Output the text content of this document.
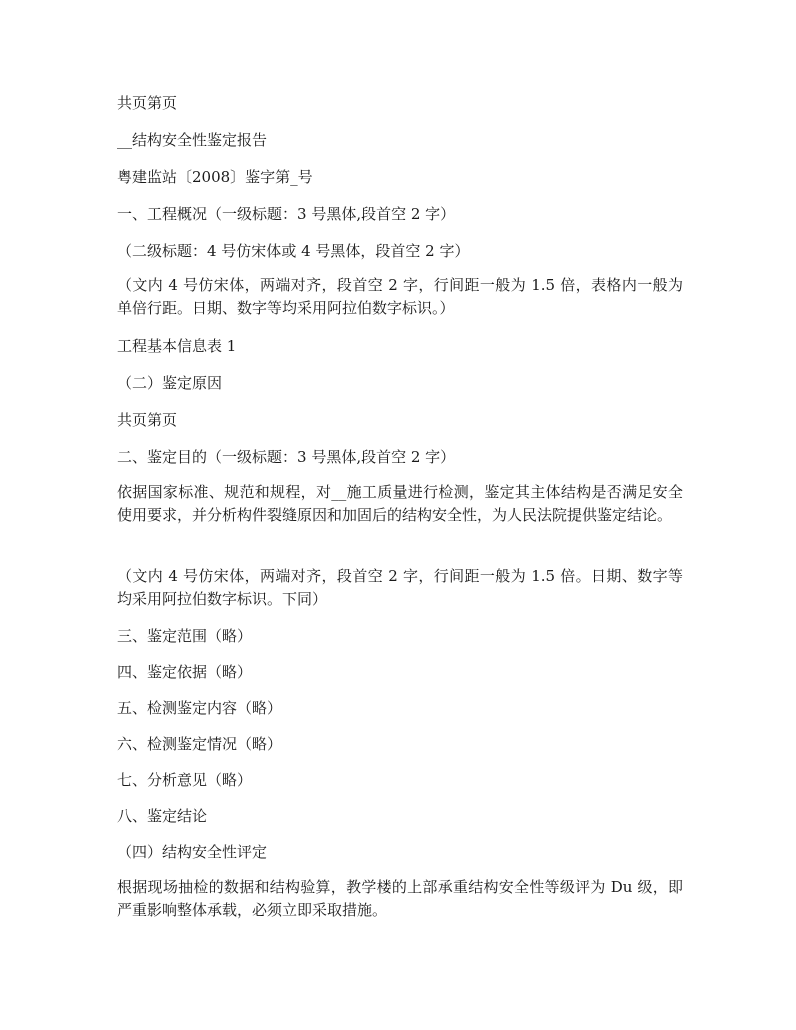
共页第页

__结构安全性鉴定报告

粤建监站〔2008〕鉴字第_号

一、工程概况（一级标题：3 号黑体,段首空 2 字）

（二级标题：4 号仿宋体或 4 号黑体，段首空 2 字）

（文内 4 号仿宋体，两端对齐，段首空 2 字，行间距一般为 1.5 倍，表格内一般为单倍行距。日期、数字等均采用阿拉伯数字标识。）

工程基本信息表 1

（二）鉴定原因

共页第页

二、鉴定目的（一级标题：3 号黑体,段首空 2 字）

依据国家标准、规范和规程，对__施工质量进行检测，鉴定其主体结构是否满足安全使用要求，并分析构件裂缝原因和加固后的结构安全性，为人民法院提供鉴定结论。

（文内 4 号仿宋体，两端对齐，段首空 2 字，行间距一般为 1.5 倍。日期、数字等均采用阿拉伯数字标识。下同）

三、鉴定范围（略）

四、鉴定依据（略）

五、检测鉴定内容（略）

六、检测鉴定情况（略）

七、分析意见（略）

八、鉴定结论

（四）结构安全性评定

根据现场抽检的数据和结构验算，教学楼的上部承重结构安全性等级评为 Du 级，即严重影响整体承载，必须立即采取措施。
